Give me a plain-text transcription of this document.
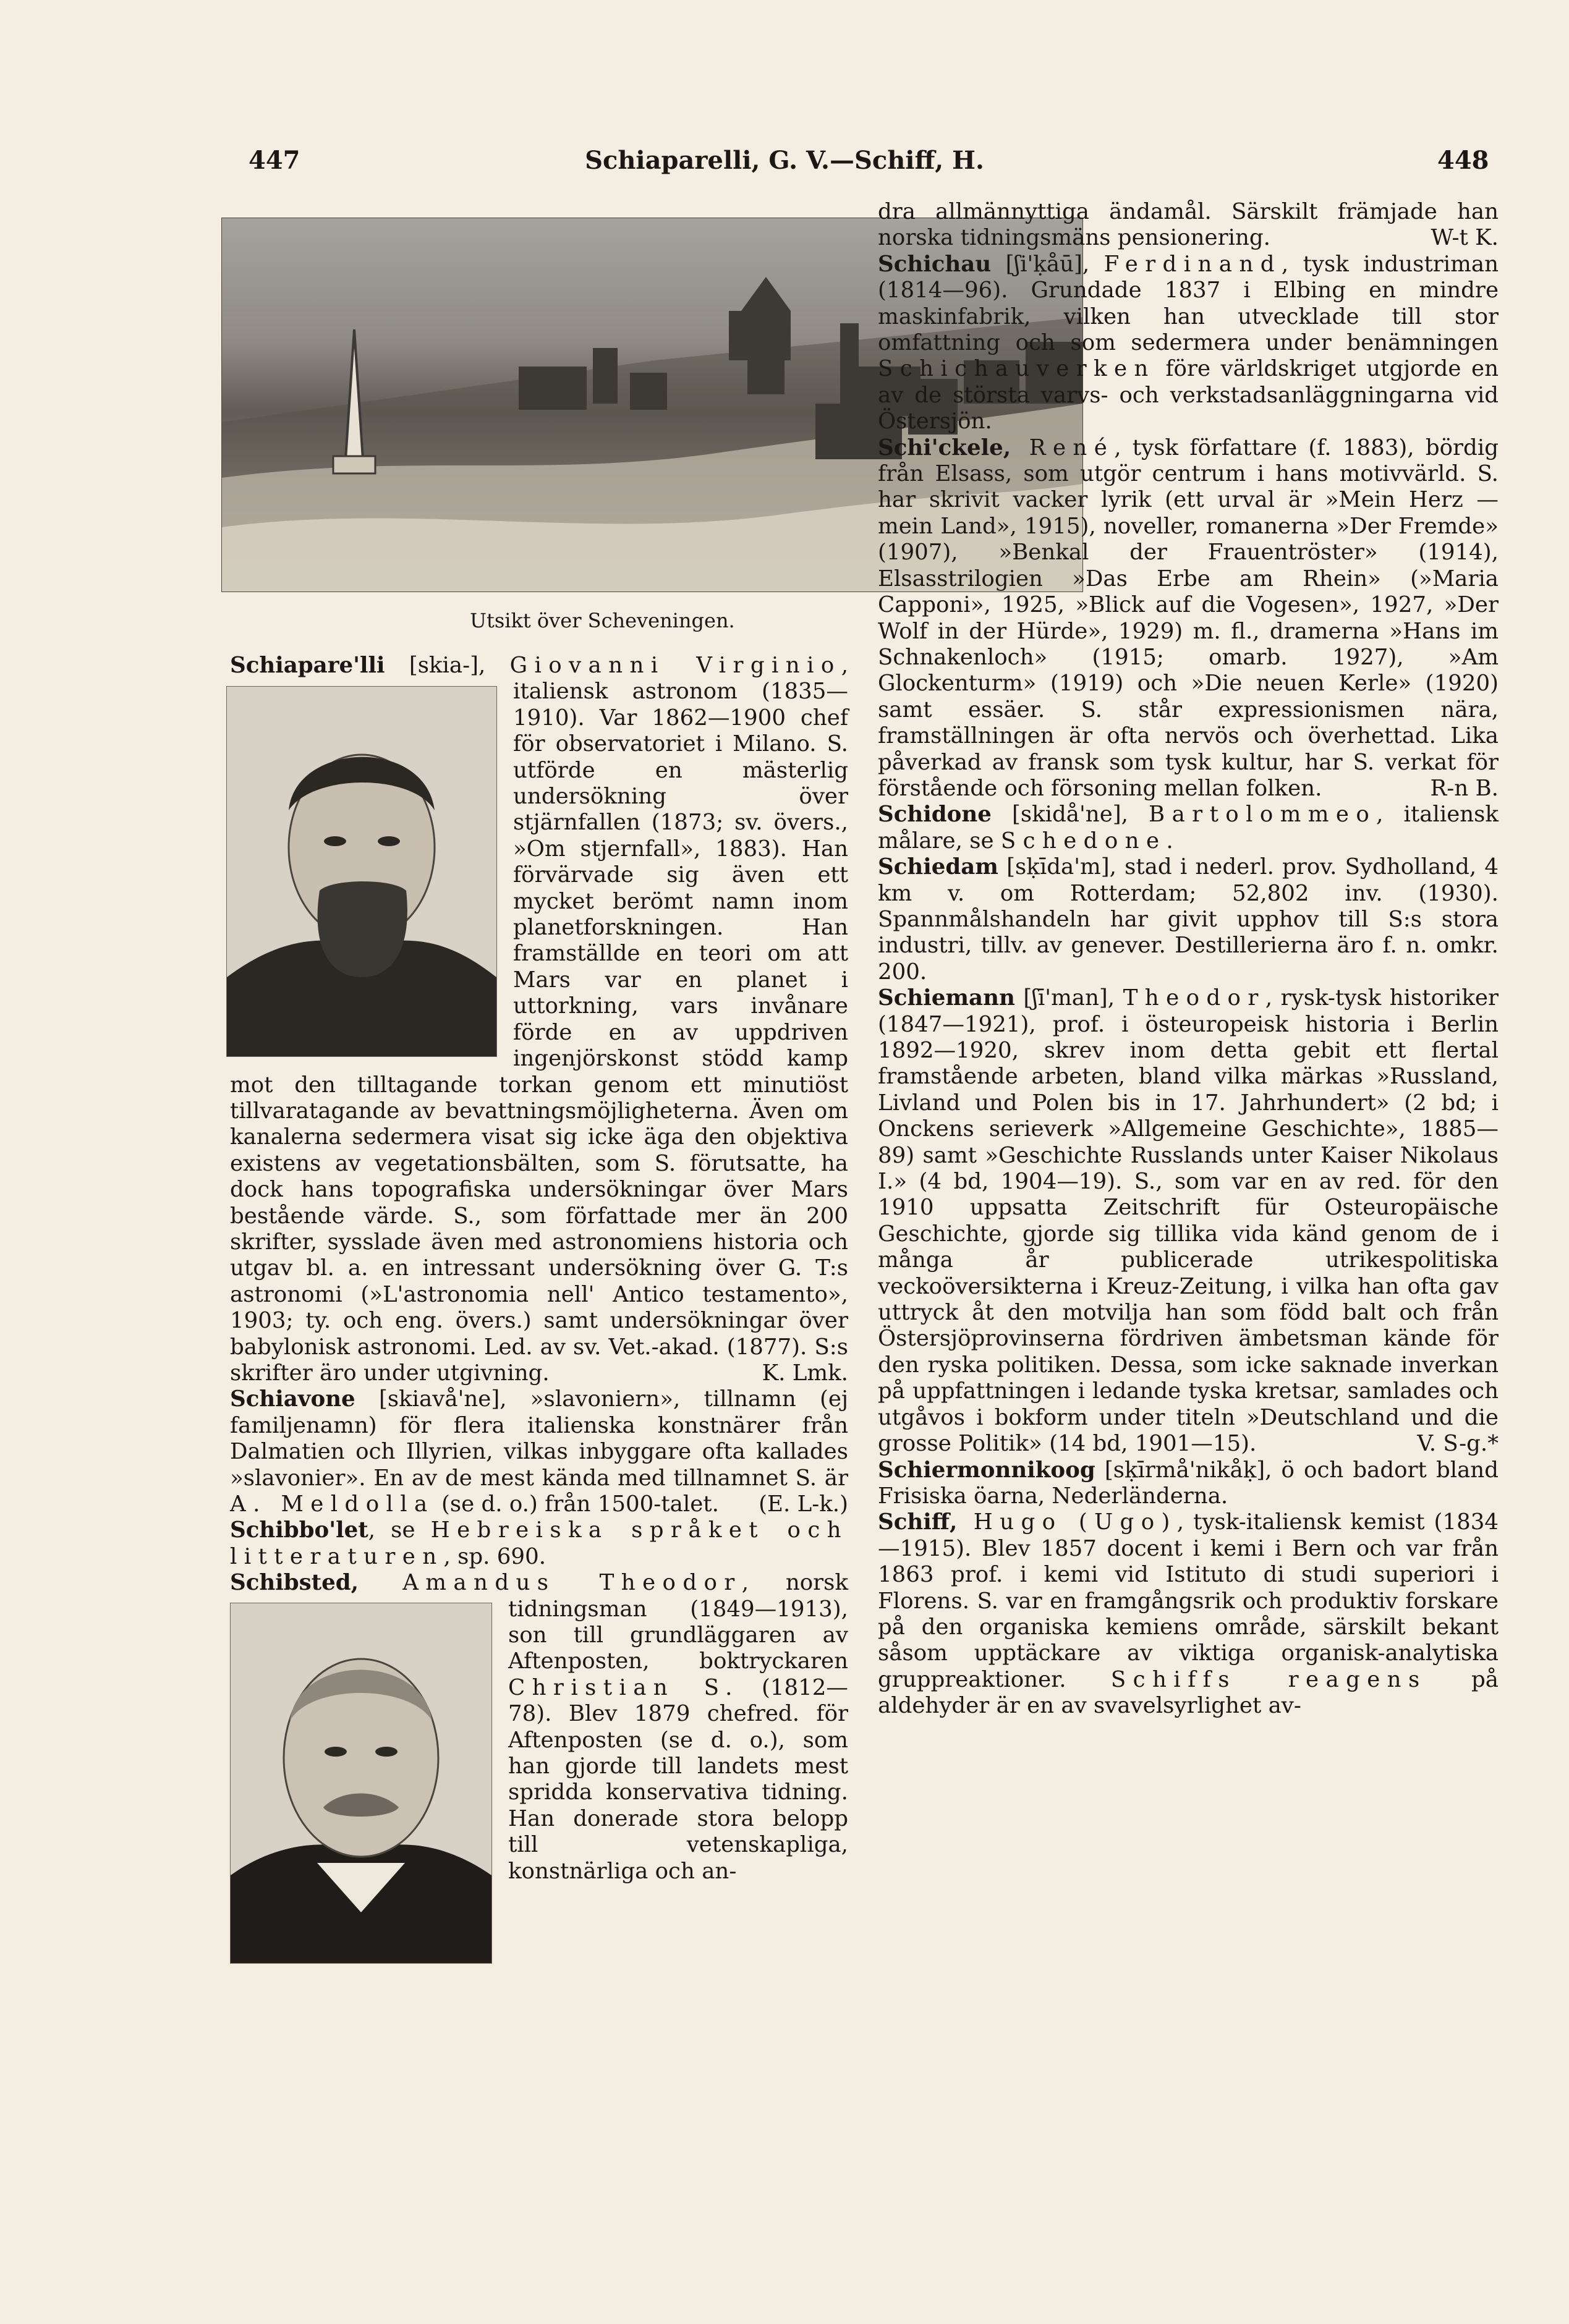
447	Schiaparelli, G. V.—Schiff, H.	448
Utsikt över Scheveningen.

Schiapare'lli [skia-], Giovanni Virginio
, italiensk astronom (1835—1910). Var 1862—1900 chef för observatoriet i Milano. S. utförde en mästerlig undersökning över stjärnfallen (1873; sv. övers., »Om stjernfall», 1883). Han förvärvade sig även ett mycket berömt namn inom planetforskningen. Han framställde en teori om att Mars var en planet i uttorkning, vars invånare förde en av uppdriven ingenjörskonst stödd kamp mot den tilltagande torkan genom ett minutiöst tillvaratagande av bevattningsmöjligheterna. Även om kanalerna sedermera visat sig icke äga den objektiva existens av vegetationsbälten, som S. förutsatte, ha dock hans topografiska undersökningar över Mars bestående värde. S., som författade mer än 200 skrifter, sysslade även med astronomiens historia och utgav bl. a. en intressant undersökning över G. T:s astronomi (»L'astronomia nell' Antico testamento», 1903; ty. och eng. övers.) samt undersökningar över babylonisk astronomi. Led. av sv. Vet.-akad. (1877). S:s skrifter äro under utgivning.	K. Lmk.

Schiavone [skiavå'ne], »slavoniern», tillnamn (ej familjenamn) för flera italienska konstnärer från Dalmatien och Illyrien, vilkas inbyggare ofta kallades »slavonier». En av de mest kända med tillnamnet S. är A. Meldolla (se d. o.) från 1500-talet.	(E. L-k.)

Schibbo'let, se Hebreiska språket och litteraturen, sp. 690.

Schibsted, Amandus Theodor
, norsk tidningsman (1849—1913), son till grundläggaren av Aftenposten, boktryckaren Christian S. (1812—78). Blev 1879 chefred. för Aftenposten (se d. o.), som han gjorde till landets mest spridda konservativa tidning. Han donerade stora belopp till vetenskapliga, konstnärliga och an-

dra allmännyttiga ändamål. Särskilt främjade han norska tidningsmäns pensionering.	W-t K.

Schichau [ʃi'ḳåū], Ferdinand, tysk industriman (1814—96). Grundade 1837 i Elbing en mindre maskinfabrik, vilken han utvecklade till stor omfattning och som sedermera under benämningen Schichauverken före världskriget utgjorde en av de största varvs- och verkstadsanläggningarna vid Östersjön.

Schi'ckele, René, tysk författare (f. 1883), bördig från Elsass, som utgör centrum i hans motivvärld. S. har skrivit vacker lyrik (ett urval är »Mein Herz — mein Land», 1915), noveller, romanerna »Der Fremde» (1907), »Benkal der Frauentröster» (1914), Elsasstrilogien »Das Erbe am Rhein» (»Maria Capponi», 1925, »Blick auf die Vogesen», 1927, »Der Wolf in der Hürde», 1929) m. fl., dramerna »Hans im Schnakenloch» (1915; omarb. 1927), »Am Glockenturm» (1919) och »Die neuen Kerle» (1920) samt essäer. S. står expressionismen nära, framställningen är ofta nervös och överhettad. Lika påverkad av fransk som tysk kultur, har S. verkat för förstående och försoning mellan folken.	R-n B.

Schidone [skidå'ne], Bartolommeo, italiensk målare, se Schedone.

Schiedam [sḳīda'm], stad i nederl. prov. Sydholland, 4 km v. om Rotterdam; 52,802 inv. (1930). Spannmålshandeln har givit upphov till S:s stora industri, tillv. av genever. Destillerierna äro f. n. omkr. 200.

Schiemann [ʃī'man], Theodor, rysk-tysk historiker (1847—1921), prof. i östeuropeisk historia i Berlin 1892—1920, skrev inom detta gebit ett flertal framstående arbeten, bland vilka märkas »Russland, Livland und Polen bis in 17. Jahrhundert» (2 bd; i Onckens serieverk »Allgemeine Geschichte», 1885—89) samt »Geschichte Russlands unter Kaiser Nikolaus I.» (4 bd, 1904—19). S., som var en av red. för den 1910 uppsatta Zeitschrift für Osteuropäische Geschichte, gjorde sig tillika vida känd genom de i många år publicerade utrikespolitiska veckoöversikterna i Kreuz-Zeitung, i vilka han ofta gav uttryck åt den motvilja han som född balt och från Östersjöprovinserna fördriven ämbetsman kände för den ryska politiken. Dessa, som icke saknade inverkan på uppfattningen i ledande tyska kretsar, samlades och utgåvos i bokform under titeln »Deutschland und die grosse Politik» (14 bd, 1901—15).	V. S-g.*

Schiermonnikoog [sḳīrmå'nikåḳ], ö och badort bland Frisiska öarna, Nederländerna.

Schiff, Hugo (Ugo), tysk-italiensk kemist (1834—1915). Blev 1857 docent i kemi i Bern och var från 1863 prof. i kemi vid Istituto di studi superiori i Florens. S. var en framgångsrik och produktiv forskare på den organiska kemiens område, särskilt bekant såsom upptäckare av viktiga organisk-analytiska gruppreaktioner. Schiffs reagens på aldehyder är en av svavelsyrlighet av-
